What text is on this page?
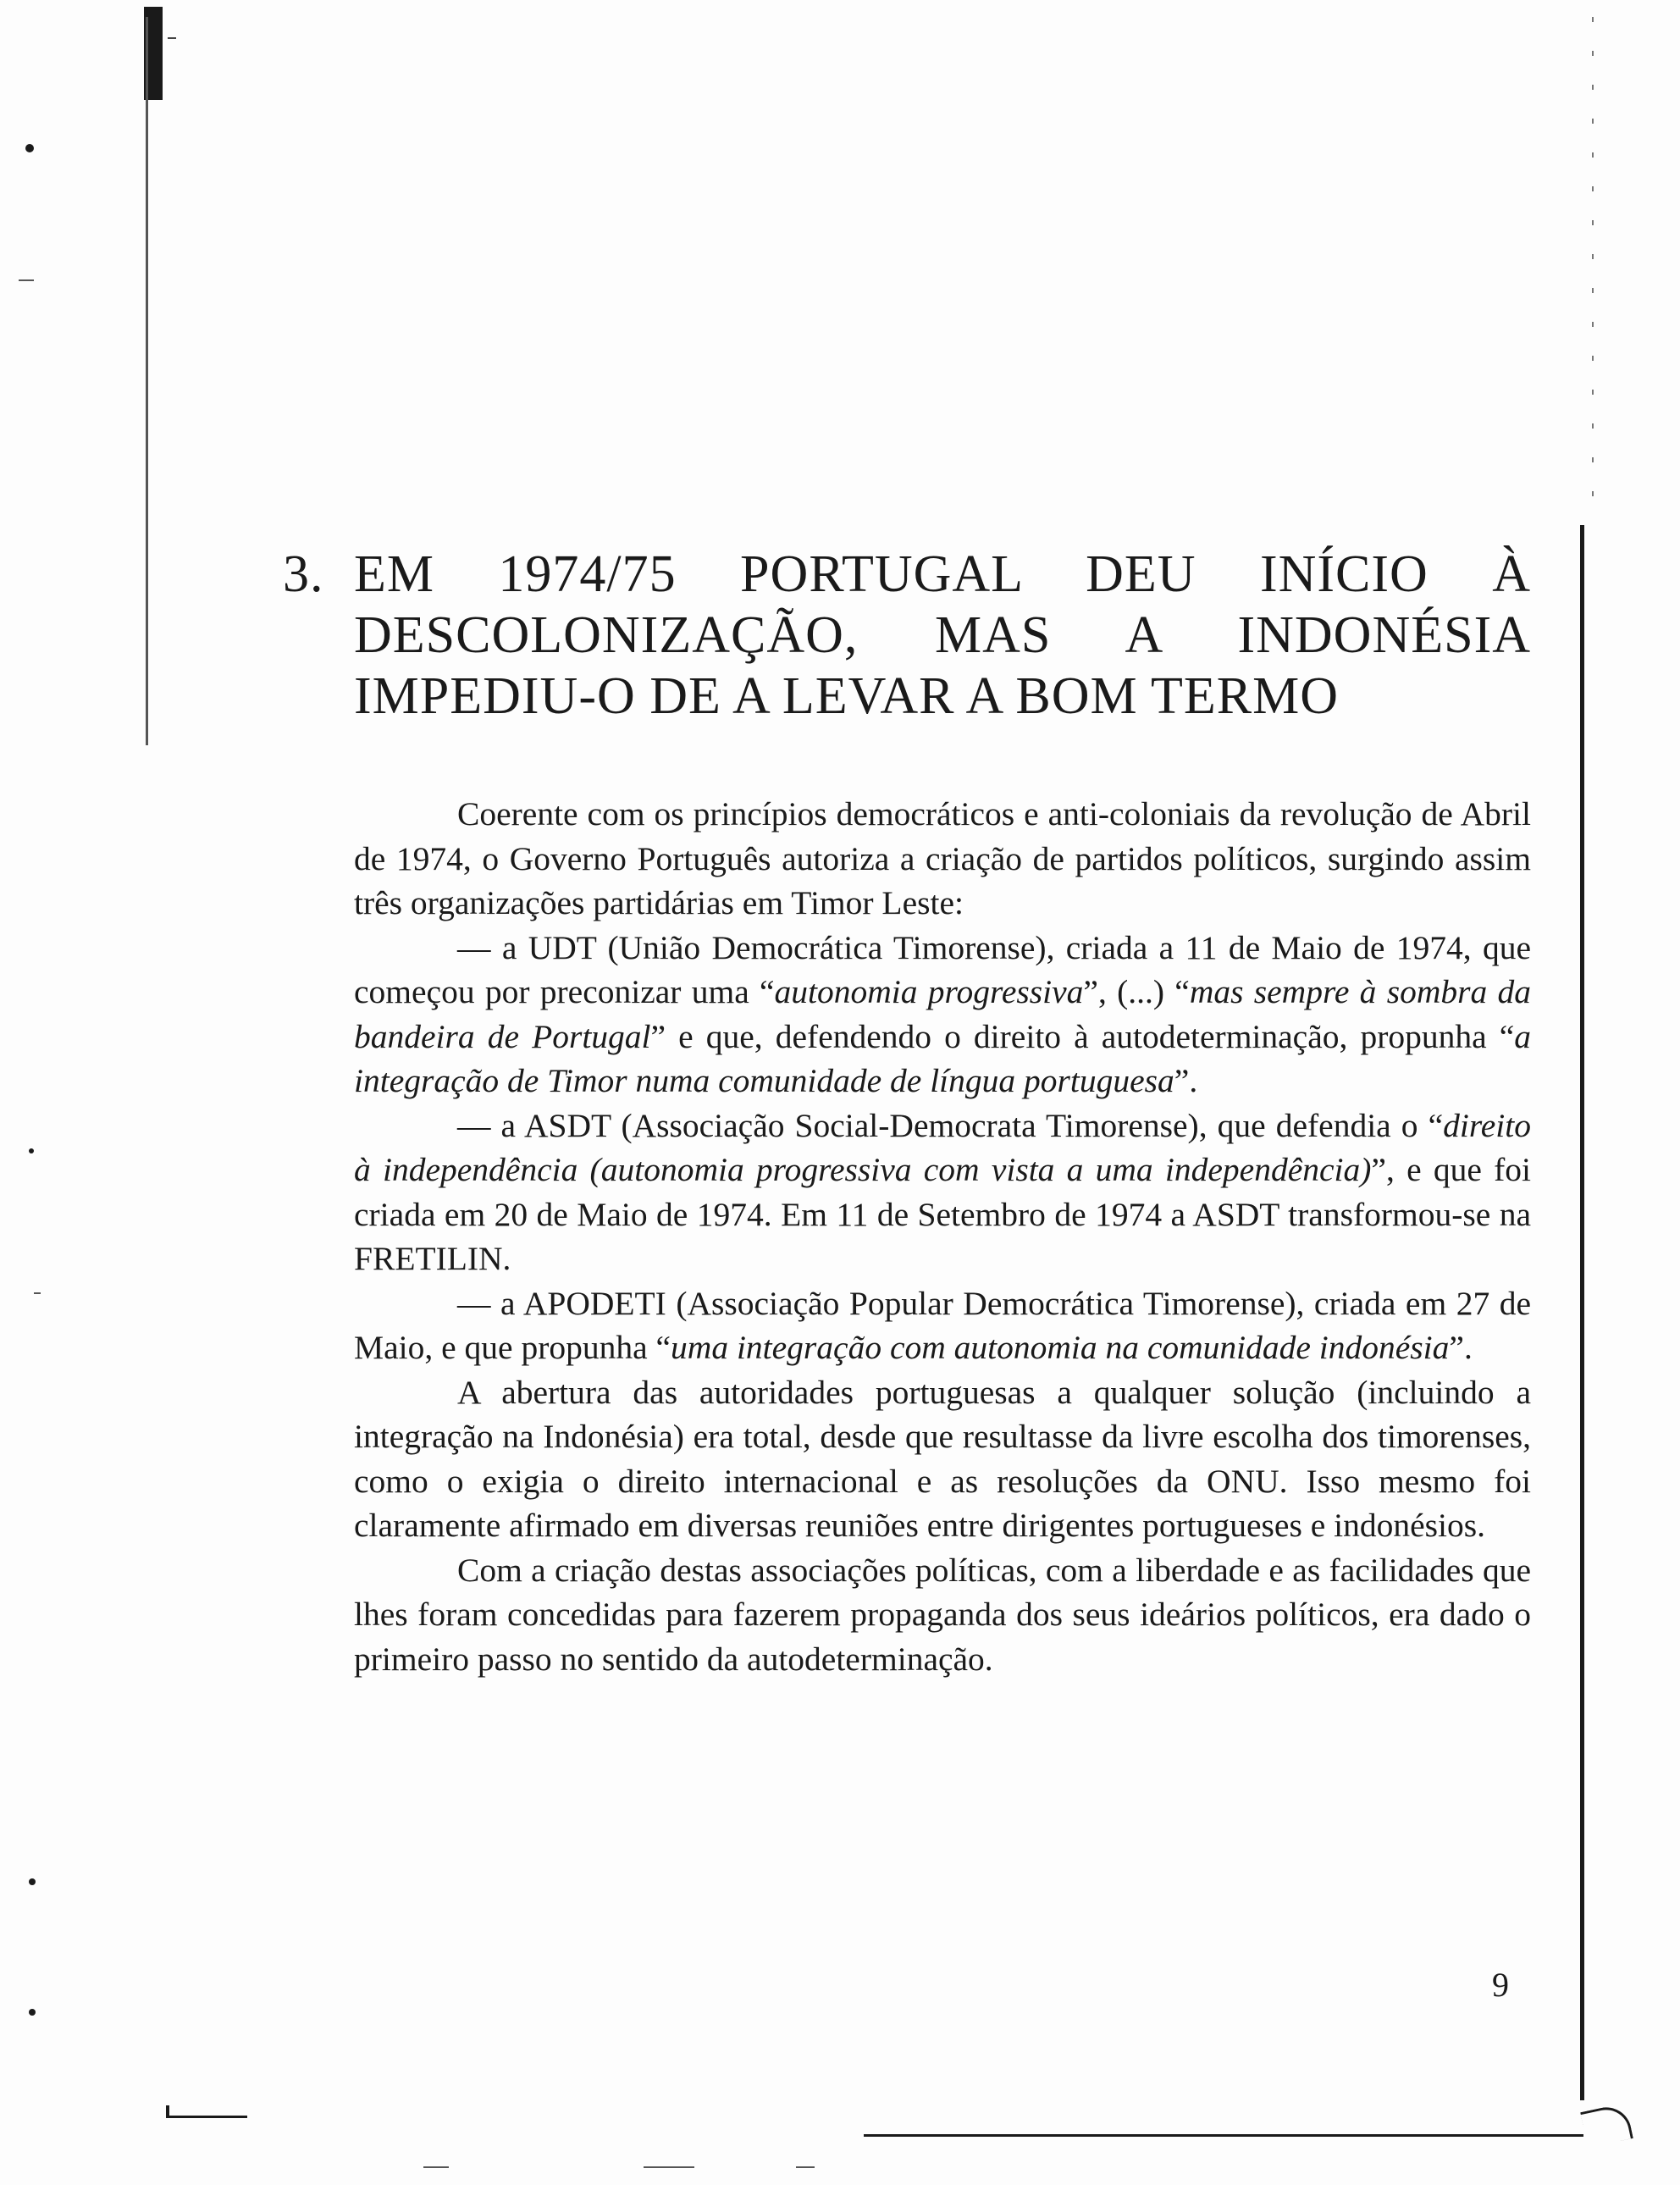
3. EM 1974/75 PORTUGAL DEU INÍCIO À
DESCOLONIZAÇÃO, MAS A INDONÉSIA
IMPEDIU-O DE A LEVAR A BOM TERMO

Coerente com os princípios democráticos e anti-coloniais da revolução de Abril de 1974, o Governo Português autoriza a criação de partidos políticos, surgindo assim três organizações partidárias em Timor Leste:

— a UDT (União Democrática Timorense), criada a 11 de Maio de 1974, que começou por preconizar uma “autonomia progressiva”, (...) “mas sempre à sombra da bandeira de Portugal” e que, defendendo o direito à autodeterminação, propunha “a integração de Timor numa comunidade de língua portuguesa”.

— a ASDT (Associação Social-Democrata Timorense), que defendia o “direito à independência (autonomia progressiva com vista a uma independência)”, e que foi criada em 20 de Maio de 1974. Em 11 de Setembro de 1974 a ASDT transformou-se na FRETILIN.

— a APODETI (Associação Popular Democrática Timorense), criada em 27 de Maio, e que propunha “uma integração com autonomia na comunidade indonésia”.

A abertura das autoridades portuguesas a qualquer solução (incluindo a integração na Indonésia) era total, desde que resultasse da livre escolha dos timorenses, como o exigia o direito internacional e as resoluções da ONU. Isso mesmo foi claramente afirmado em diversas reuniões entre dirigentes portugueses e indonésios.

Com a criação destas associações políticas, com a liberdade e as facilidades que lhes foram concedidas para fazerem propaganda dos seus ideários políticos, era dado o primeiro passo no sentido da autodeterminação.

9
